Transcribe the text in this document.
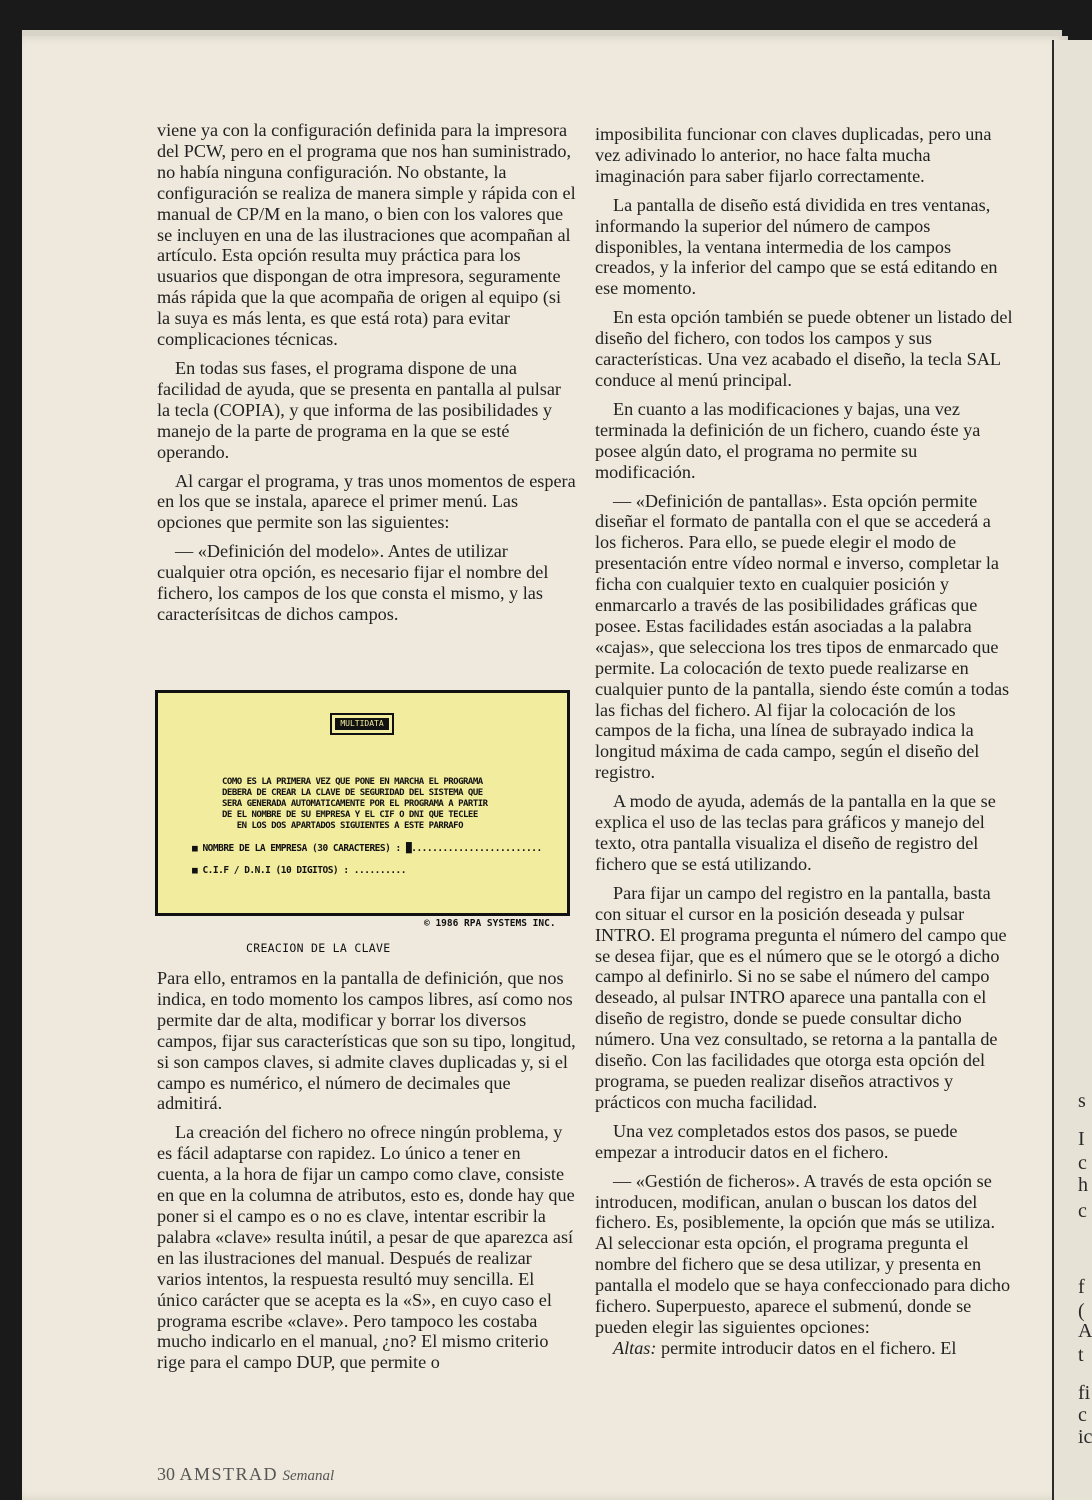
s
I
c
h
c
f
(
A
t
fi
c
ic

viene ya con la configuración definida para la impresora del PCW, pero en el programa que nos han suministrado, no había ninguna configuración. No obstante, la configuración se realiza de manera simple y rápida con el manual de CP/M en la mano, o bien con los valores que se incluyen en una de las ilustraciones que acompañan al artículo. Esta opción resulta muy práctica para los usuarios que dispongan de otra impresora, seguramente más rápida que la que acompaña de origen al equipo (si la suya es más lenta, es que está rota) para evitar complicaciones técnicas.

En todas sus fases, el programa dispone de una facilidad de ayuda, que se presenta en pantalla al pulsar la tecla (COPIA), y que informa de las posibilidades y manejo de la parte de programa en la que se esté operando.

Al cargar el programa, y tras unos momentos de espera en los que se instala, aparece el primer menú. Las opciones que permite son las siguientes:

— «Definición del modelo». Antes de utilizar cualquier otra opción, es necesario fijar el nombre del fichero, los campos de los que consta el mismo, y las caracterísitcas de dichos campos.

MULTIDATA
COMO ES LA PRIMERA VEZ QUE PONE EN MARCHA EL PROGRAMA
DEBERA DE CREAR LA CLAVE DE SEGURIDAD DEL SISTEMA QUE
SERA GENERADA AUTOMATICAMENTE POR EL PROGRAMA A PARTIR
DE EL NOMBRE DE SU EMPRESA Y EL CIF O DNI QUE TECLEE
EN LOS DOS APARTADOS SIGUIENTES A ESTE PARRAFO
■ NOMBRE DE LA EMPRESA (30 CARACTERES) : █.........................
■ C.I.F / D.N.I (10 DIGITOS) : ..........
© 1986 RPA SYSTEMS INC.
CREACION DE LA CLAVE

Para ello, entramos en la pantalla de definición, que nos indica, en todo momento los campos libres, así como nos permite dar de alta, modificar y borrar los diversos campos, fijar sus características que son su tipo, longitud, si son campos claves, si admite claves duplicadas y, si el campo es numérico, el número de decimales que admitirá.

La creación del fichero no ofrece ningún problema, y es fácil adaptarse con rapidez. Lo único a tener en cuenta, a la hora de fijar un campo como clave, consiste en que en la columna de atributos, esto es, donde hay que poner si el campo es o no es clave, intentar escribir la palabra «clave» resulta inútil, a pesar de que aparezca así en las ilustraciones del manual. Después de realizar varios intentos, la respuesta resultó muy sencilla. El único carácter que se acepta es la «S», en cuyo caso el programa escribe «clave». Pero tampoco les costaba mucho indicarlo en el manual, ¿no? El mismo criterio rige para el campo DUP, que permite o

imposibilita funcionar con claves duplicadas, pero una vez adivinado lo anterior, no hace falta mucha imaginación para saber fijarlo correctamente.

La pantalla de diseño está dividida en tres ventanas, informando la superior del número de campos disponibles, la ventana intermedia de los campos creados, y la inferior del campo que se está editando en ese momento.

En esta opción también se puede obtener un listado del diseño del fichero, con todos los campos y sus características. Una vez acabado el diseño, la tecla SAL conduce al menú principal.

En cuanto a las modificaciones y bajas, una vez terminada la definición de un fichero, cuando éste ya posee algún dato, el programa no permite su modificación.

— «Definición de pantallas». Esta opción permite diseñar el formato de pantalla con el que se accederá a los ficheros. Para ello, se puede elegir el modo de presentación entre vídeo normal e inverso, completar la ficha con cualquier texto en cualquier posición y enmarcarlo a través de las posibilidades gráficas que posee. Estas facilidades están asociadas a la palabra «cajas», que selecciona los tres tipos de enmarcado que permite. La colocación de texto puede realizarse en cualquier punto de la pantalla, siendo éste común a todas las fichas del fichero. Al fijar la colocación de los campos de la ficha, una línea de subrayado indica la longitud máxima de cada campo, según el diseño del registro.

A modo de ayuda, además de la pantalla en la que se explica el uso de las teclas para gráficos y manejo del texto, otra pantalla visualiza el diseño de registro del fichero que se está utilizando.

Para fijar un campo del registro en la pantalla, basta con situar el cursor en la posición deseada y pulsar INTRO. El programa pregunta el número del campo que se desea fijar, que es el número que se le otorgó a dicho campo al definirlo. Si no se sabe el número del campo deseado, al pulsar INTRO aparece una pantalla con el diseño de registro, donde se puede consultar dicho número. Una vez consultado, se retorna a la pantalla de diseño. Con las facilidades que otorga esta opción del programa, se pueden realizar diseños atractivos y prácticos con mucha facilidad.

Una vez completados estos dos pasos, se puede empezar a introducir datos en el fichero.

— «Gestión de ficheros». A través de esta opción se introducen, modifican, anulan o buscan los datos del fichero. Es, posiblemente, la opción que más se utiliza. Al seleccionar esta opción, el programa pregunta el nombre del fichero que se desa utilizar, y presenta en pantalla el modelo que se haya confeccionado para dicho fichero. Superpuesto, aparece el submenú, donde se pueden elegir las siguientes opciones:

Altas: permite introducir datos en el fichero. El

30 AMSTRAD Semanal
